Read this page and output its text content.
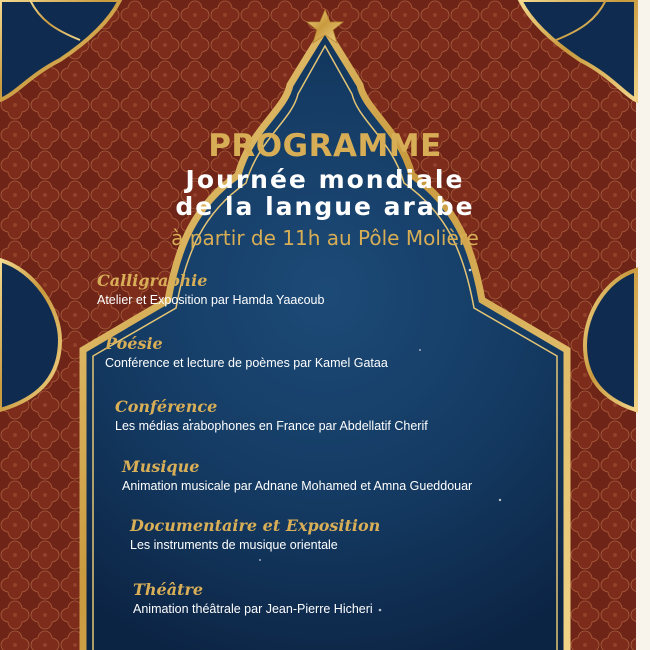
PROGRAMME
Journée mondiale
de la langue arabe
à partir de 11h au Pôle Molière
Calligraphie
Atelier et Exposition par Hamda Yaacoub
Poésie
Conférence et lecture de poèmes par Kamel Gataa
Conférence
Les médias arabophones en France par Abdellatif Cherif
Musique
Animation musicale par Adnane Mohamed et Amna Gueddouar
Documentaire et Exposition
Les instruments de musique orientale
Théâtre
Animation théâtrale par Jean-Pierre Hicheri
